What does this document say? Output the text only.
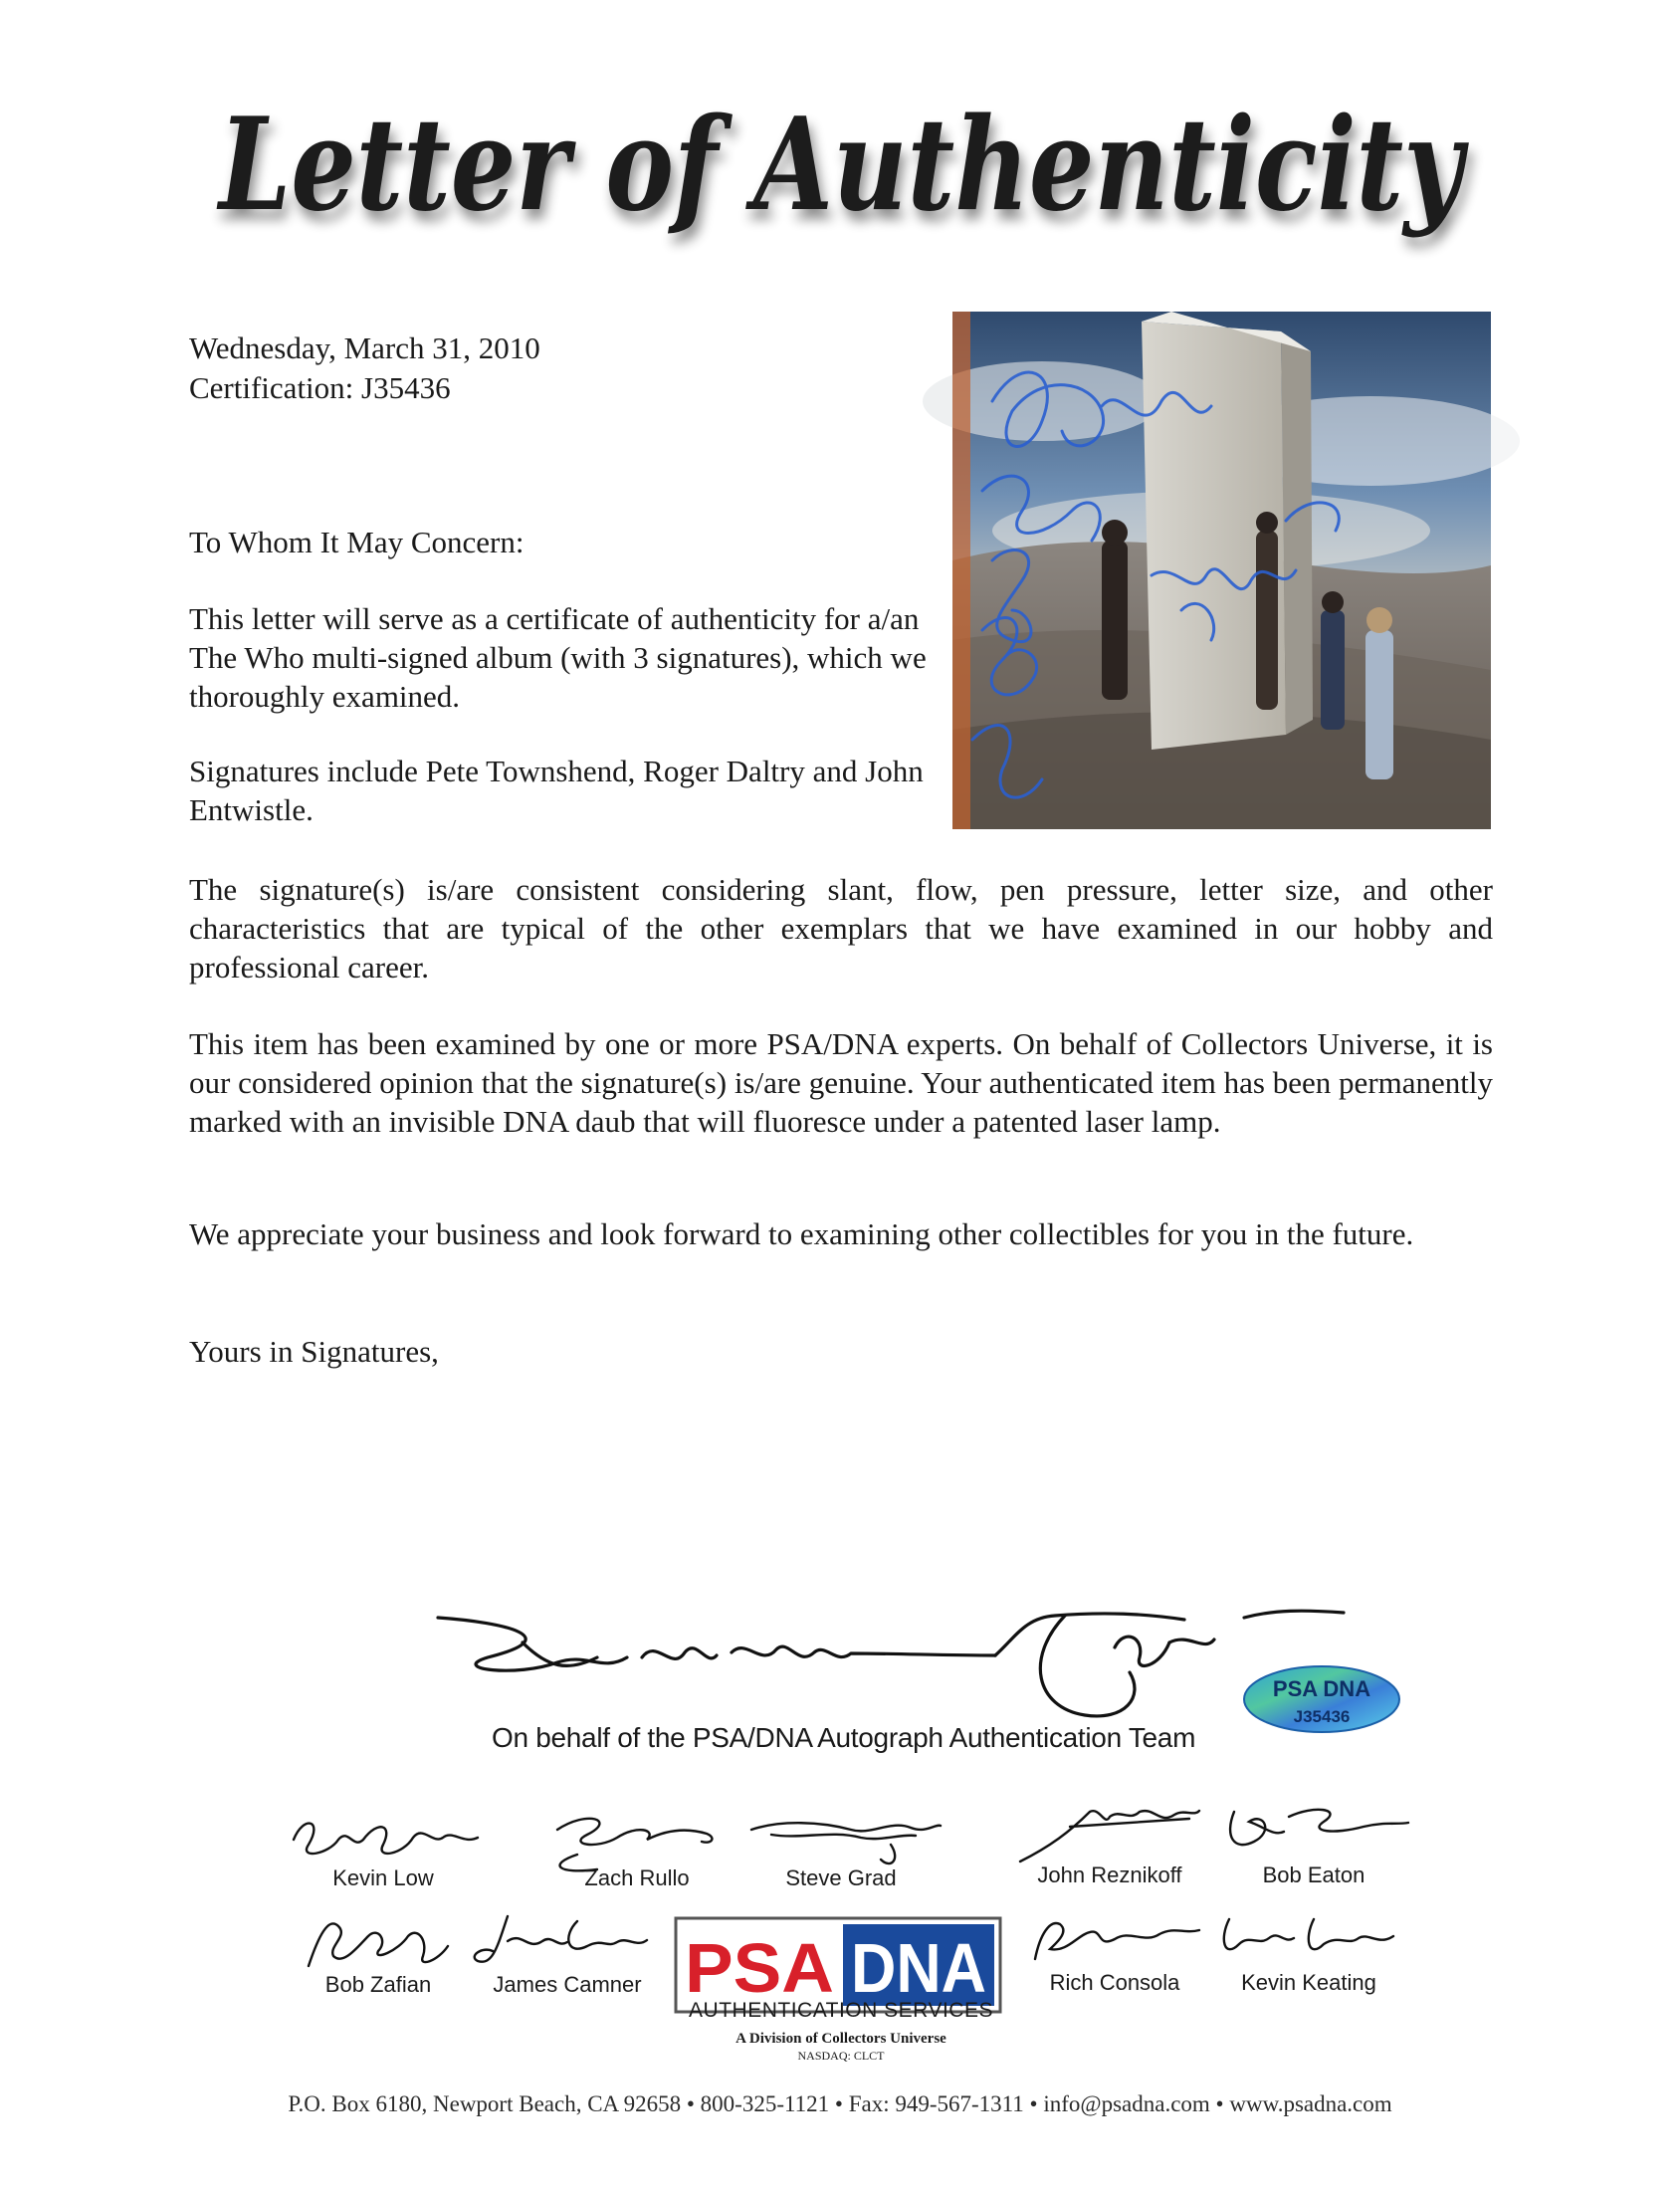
Letter of Authenticity
Wednesday, March 31, 2010
Certification: J35436
To Whom It May Concern:
This letter will serve as a certificate of authenticity for a/an The Who multi-signed album (with 3 signatures), which we thoroughly examined.
Signatures include Pete Townshend, Roger Daltry and John Entwistle.
The signature(s) is/are consistent considering slant, flow, pen pressure, letter size, and other characteristics that are typical of the other exemplars that we have examined in our hobby and professional career.
This item has been examined by one or more PSA/DNA experts. On behalf of Collectors Universe, it is our considered opinion that the signature(s) is/are genuine. Your authenticated item has been permanently marked with an invisible DNA daub that will fluoresce under a patented laser lamp.
We appreciate your business and look forward to examining other collectibles for you in the future.
Yours in Signatures,
On behalf of the PSA/DNA Autograph Authentication Team
PSA DNA
J35436
Kevin Low	Zach Rullo	Steve Grad	John Reznikoff	Bob Eaton
Bob Zafian	James Camner	Rich Consola	Kevin Keating
PSA DNA
AUTHENTICATION SERVICES
A Division of Collectors Universe
NASDAQ: CLCT
P.O. Box 6180, Newport Beach, CA 92658 • 800-325-1121 • Fax: 949-567-1311 • info@psadna.com • www.psadna.com
